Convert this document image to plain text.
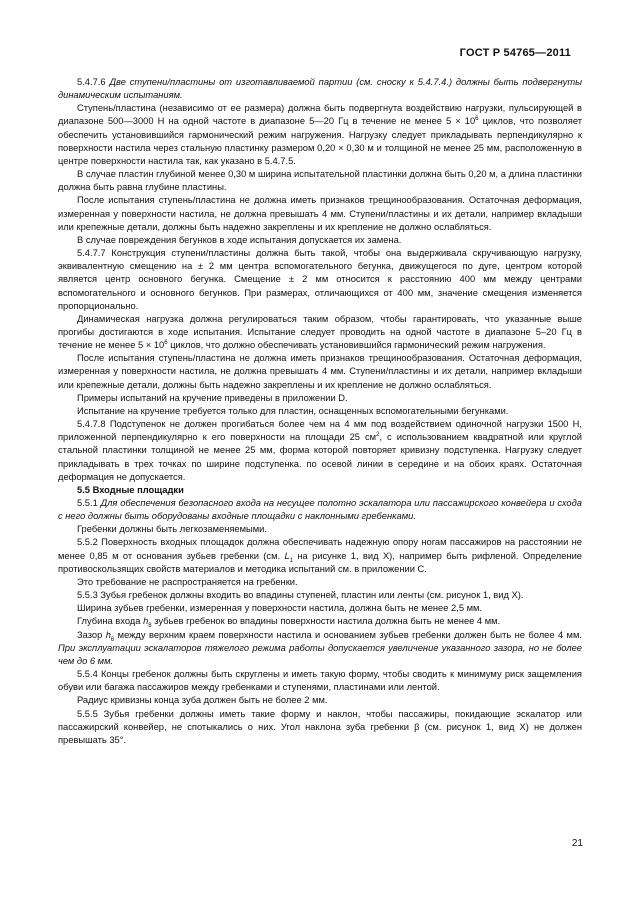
ГОСТ Р 54765—2011

5.4.7.6 Две ступени/пластины от изготавливаемой партии (см. сноску к 5.4.7.4.) должны быть подвергнуты динамическим испытаниям.

Ступень/пластина (независимо от ее размера) должна быть подвергнута воздействию нагрузки, пульсирующей в диапазоне 500—3000 Н на одной частоте в диапазоне 5—20 Гц в течение не менее $5 \times 10^6$ циклов, что позволяет обеспечить установившийся гармонический режим нагружения. Нагрузку следует прикладывать перпендикулярно к поверхности настила через стальную пластинку размером 0,20 × 0,30 м и толщиной не менее 25 мм, расположенную в центре поверхности настила так, как указано в 5.4.7.5.

В случае пластин глубиной менее 0,30 м ширина испытательной пластинки должна быть 0,20 м, а длина пластинки должна быть равна глубине пластины.

После испытания ступень/пластина не должна иметь признаков трещинообразования. Остаточная деформация, измеренная у поверхности настила, не должна превышать 4 мм. Ступени/пластины и их детали, например вкладыши или крепежные детали, должны быть надежно закреплены и их крепление не должно ослабляться.

В случае повреждения бегунков в ходе испытания допускается их замена.

5.4.7.7 Конструкция ступени/пластины должна быть такой, чтобы она выдерживала скручивающую нагрузку, эквивалентную смещению на ± 2 мм центра вспомогательного бегунка, движущегося по дуге, центром которой является центр основного бегунка. Смещение ± 2 мм относится к расстоянию 400 мм между центрами вспомогательного и основного бегунков. При размерах, отличающихся от 400 мм, значение смещения изменяется пропорционально.

Динамическая нагрузка должна регулироваться таким образом, чтобы гарантировать, что указанные выше прогибы достигаются в ходе испытания. Испытание следует проводить на одной частоте в диапазоне 5–20 Гц в течение не менее $5 \times 10^6$ циклов, что должно обеспечивать установившийся гармонический режим нагружения.

После испытания ступень/пластина не должна иметь признаков трещинообразования. Остаточная деформация, измеренная у поверхности настила, не должна превышать 4 мм. Ступени/пластины и их детали, например вкладыши или крепежные детали, должны быть надежно закреплены и их крепление не должно ослабляться.

Примеры испытаний на кручение приведены в приложении D.

Испытание на кручение требуется только для пластин, оснащенных вспомогательными бегунками.

5.4.7.8 Подступенок не должен прогибаться более чем на 4 мм под воздействием одиночной нагрузки 1500 Н, приложенной перпендикулярно к его поверхности на площади 25 $см^2$, с использованием квадратной или круглой стальной пластинки толщиной не менее 25 мм, форма которой повторяет кривизну подступенка. Нагрузку следует прикладывать в трех точках по ширине подступенка. по осевой линии в середине и на обоих краях. Остаточная деформация не допускается.

5.5 Входные площадки

5.5.1 Для обеспечения безопасного входа на несущее полотно эскалатора или пассажирского конвейера и схода с него должны быть оборудованы входные площадки с наклонными гребенками.

Гребенки должны быть легкозаменяемыми.

5.5.2 Поверхность входных площадок должна обеспечивать надежную опору ногам пассажиров на расстоянии не менее 0,85 м от основания зубьев гребенки (см. $L_1$ на рисунке 1, вид Х), например быть рифленой. Определение противоскользящих свойств материалов и методика испытаний см. в приложении С.

Это требование не распространяется на гребенки.

5.5.3 Зубья гребенок должны входить во впадины ступеней, пластин или ленты (см. рисунок 1, вид Х).

Ширина зубьев гребенки, измеренная у поверхности настила, должна быть не менее 2,5 мм.

Глубина входа $h_8$ зубьев гребенок во впадины поверхности настила должна быть не менее 4 мм.

Зазор $h_6$ между верхним краем поверхности настила и основанием зубьев гребенки должен быть не более 4 мм. При эксплуатации эскалаторов тяжелого режима работы допускается увеличение указанного зазора, но не более чем до 6 мм.

5.5.4 Концы гребенок должны быть скруглены и иметь такую форму, чтобы сводить к минимуму риск защемления обуви или багажа пассажиров между гребенками и ступенями, пластинами или лентой.

Радиус кривизны конца зуба должен быть не более 2 мм.

5.5.5 Зубья гребенки должны иметь такие форму и наклон, чтобы пассажиры, покидающие эскалатор или пассажирский конвейер, не спотыкались о них. Угол наклона зуба гребенки β (см. рисунок 1, вид Х) не должен превышать 35°.

21
